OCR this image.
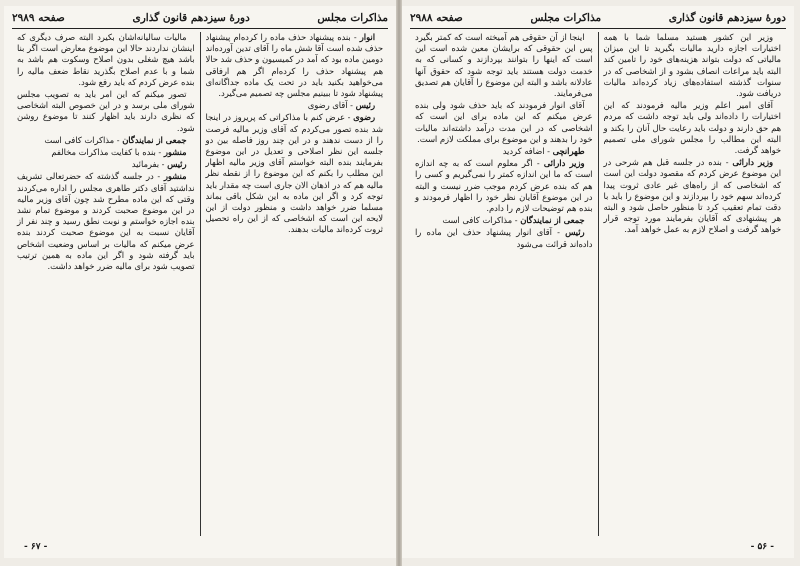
مذاکرات مجلس
دورهٔ سیزدهم قانون گذاری
صفحه ۲۹۸۹

انوار - بنده پیشنهاد حذف ماده را کرده‌ام پیشنهاد حذف شده است آقا شش ماه را آقای تدین آورده‌اند دومین ماده بود که آمد در کمیسیون و حذف شد حالا هم پیشنهاد حذف را کرده‌ام اگر هم ارفاقی می‌خواهید بکنید باید در تحت یک ماده جداگانه‌ای پیشنهاد شود تا ببینیم مجلس چه تصمیم می‌گیرد.

رئیس - آقای رضوی

رضوی - عرض کنم با مذاکراتی که پریروز در اینجا شد بنده تصور می‌کردم که آقای وزیر مالیه فرصت را از دست ندهند و در این چند روز فاصله بین دو جلسه این نظر اصلاحی و تعدیل در این موضوع بفرمایند بنده البته خواستم آقای وزیر مالیه اظهار این مطلب را بکنم که این موضوع را از نقطه نظر مالیه هم که در اذهان الان جاری است چه مقدار باید توجه کرد و اگر این ماده به این شکل باقی بماند مسلما ضرر خواهد داشت و منظور دولت از این لایحه این است که اشخاصی که از این راه تحصیل ثروت کرده‌اند مالیات بدهند.

مالیات سالیانه‌اشان بکیرد البته صرف دیگری که اینشان نداردند حالا این موضوع معارض است اگر بنا باشد هیچ شغلی بدون اصلاح وسکوت هم باشد به شما و با عدم اصلاح بگذرید نقاط ضعف مالیه را بنده عرض کردم که باید رفع شود.

تصور میکنم که این امر باید به تصویب مجلس شورای ملی برسد و در این خصوص البته اشخاصی که نظری دارند باید اظهار کنند تا موضوع روشن شود.

جمعی از نمایندگان - مذاکرات کافی است

منشور - بنده با کفایت مذاکرات مخالفم

رئیس - بفرمائید

منشور - در جلسه گذشته که حضرتعالی تشریف نداشتید آقای دکتر طاهری مجلس را اداره می‌کردند وقتی که این ماده مطرح شد چون آقای وزیر مالیه در این موضوع صحبت کردند و موضوع تمام نشد بنده اجازه خواستم و نوبت نطق رسید و چند نفر از آقایان نسبت به این موضوع صحبت کردند بنده عرض میکنم که مالیات بر اساس وضعیت اشخاص باید گرفته شود و اگر این ماده به همین ترتیب تصویب شود برای مالیه ضرر خواهد داشت.

- ۶۷ -
دورهٔ سیزدهم قانون گذاری
مذاکرات مجلس
صفحه ۲۹۸۸

وزیر این کشور هستید مسلما شما با همه اختیارات اجازه دارید مالیات بگیرید تا این میزان مالیاتی که دولت بتواند هزینه‌های خود را تامین کند البته باید مراعات انصاف بشود و از اشخاصی که در سنوات گذشته استفاده‌های زیاد کرده‌اند مالیات دریافت شود.

آقای امیر اعلم وزیر مالیه فرمودند که این اختیارات را داده‌اند ولی باید توجه داشت که مردم هم حق دارند و دولت باید رعایت حال آنان را بکند و البته این مطالب را مجلس شورای ملی تصمیم خواهد گرفت.

وزیر دارائی - بنده در جلسه قبل هم شرحی در این موضوع عرض کردم که مقصود دولت این است که اشخاصی که از راه‌های غیر عادی ثروت پیدا کرده‌اند سهم خود را بپردازند و این موضوع را باید با دقت تمام تعقیب کرد تا منظور حاصل شود و البته هر پیشنهادی که آقایان بفرمایند مورد توجه قرار خواهد گرفت و اصلاح لازم به عمل خواهد آمد.

اینجا از آن حقوقی هم آمیخته است که کمتر بگیرد پس این حقوقی که برایشان معین شده است این است که اینها را بتوانند بپردازند و کسانی که به خدمت دولت هستند باید توجه شود که حقوق آنها عادلانه باشد و البته این موضوع را آقایان هم تصدیق می‌فرمایند.

آقای انوار فرمودند که باید حذف شود ولی بنده عرض میکنم که این ماده برای این است که اشخاصی که در این مدت درآمد داشته‌اند مالیات خود را بدهند و این موضوع برای مملکت لازم است.

طهرانچی - اضافه کردید

وزیر دارائی - اگر معلوم است که به چه اندازه است که ما این اندازه کمتر را نمی‌گیریم و کسی را هم که بنده عرض کردم موجب ضرر نیست و البته در این موضوع آقایان نظر خود را اظهار فرمودند و بنده هم توضیحات لازم را دادم.

جمعی از نمایندگان - مذاکرات کافی است

رئیس - آقای انوار پیشنهاد حذف این ماده را داده‌اند قرائت می‌شود

- ۵۶ -
